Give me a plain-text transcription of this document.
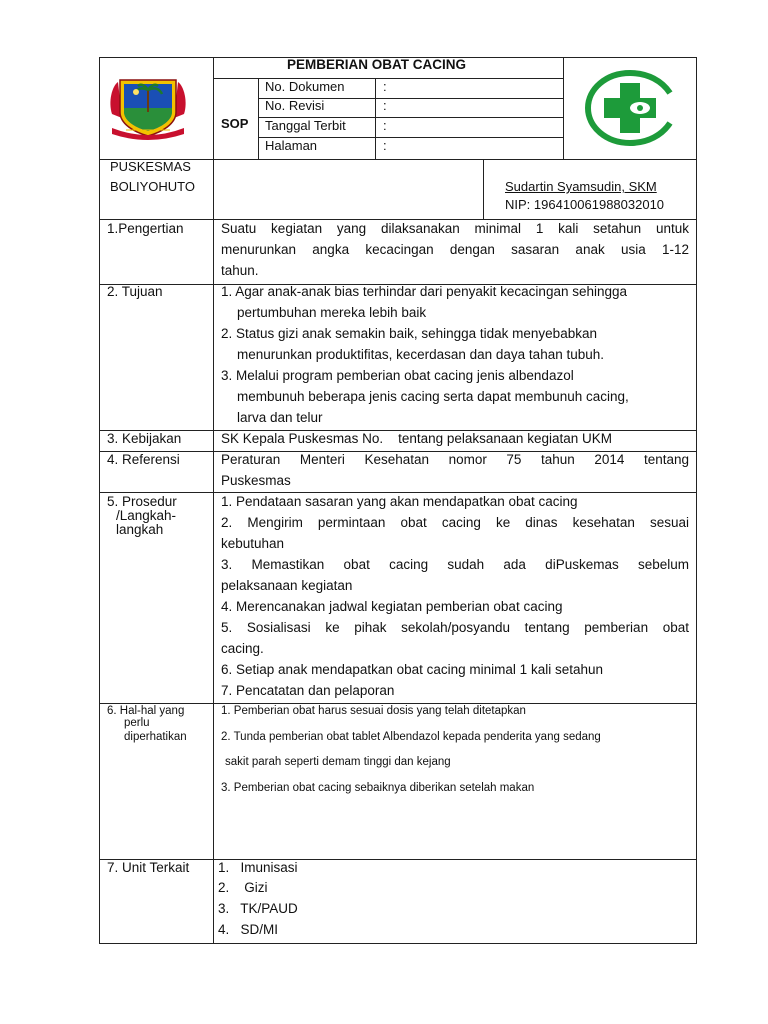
PEMBERIAN OBAT CACING
SOP
No. Dokumen	:
No. Revisi	:
Tanggal Terbit	:
Halaman	:
PUSKESMAS
BOLIYOHUTO	Sudartin Syamsudin, SKM
NIP: 196410061988032010
1.Pengertian	Suatu kegiatan yang dilaksanakan minimal 1 kali setahun untuk
menurunkan angka kecacingan dengan sasaran anak usia 1-12
tahun.
2. Tujuan	1. Agar anak-anak bias terhindar dari penyakit kecacingan sehingga
pertumbuhan mereka lebih baik
2. Status gizi anak semakin baik, sehingga tidak menyebabkan
menurunkan produktifitas, kecerdasan dan daya tahan tubuh.
3. Melalui program pemberian obat cacing jenis albendazol
membunuh beberapa jenis cacing serta dapat membunuh cacing,
larva dan telur
3. Kebijakan	SK Kepala Puskesmas No.    tentang pelaksanaan kegiatan UKM
4. Referensi	Peraturan Menteri Kesehatan nomor 75 tahun 2014 tentang
Puskesmas
5. Prosedur
/Langkah-
langkah
1. Pendataan sasaran yang akan mendapatkan obat cacing
2. Mengirim permintaan obat cacing ke dinas kesehatan sesuai
kebutuhan
3. Memastikan obat cacing sudah ada diPuskemas sebelum
pelaksanaan kegiatan
4. Merencanakan jadwal kegiatan pemberian obat cacing
5. Sosialisasi ke pihak sekolah/posyandu tentang pemberian obat
cacing.
6. Setiap anak mendapatkan obat cacing minimal 1 kali setahun
7. Pencatatan dan pelaporan
6. Hal-hal yang
perlu
diperhatikan
1. Pemberian obat harus sesuai dosis yang telah ditetapkan
2. Tunda pemberian obat tablet Albendazol kepada penderita yang sedang
sakit parah seperti demam tinggi dan kejang
3. Pemberian obat cacing sebaiknya diberikan setelah makan
7. Unit Terkait 1.   Imunisasi
2.    Gizi
3.   TK/PAUD
4.   SD/MI
